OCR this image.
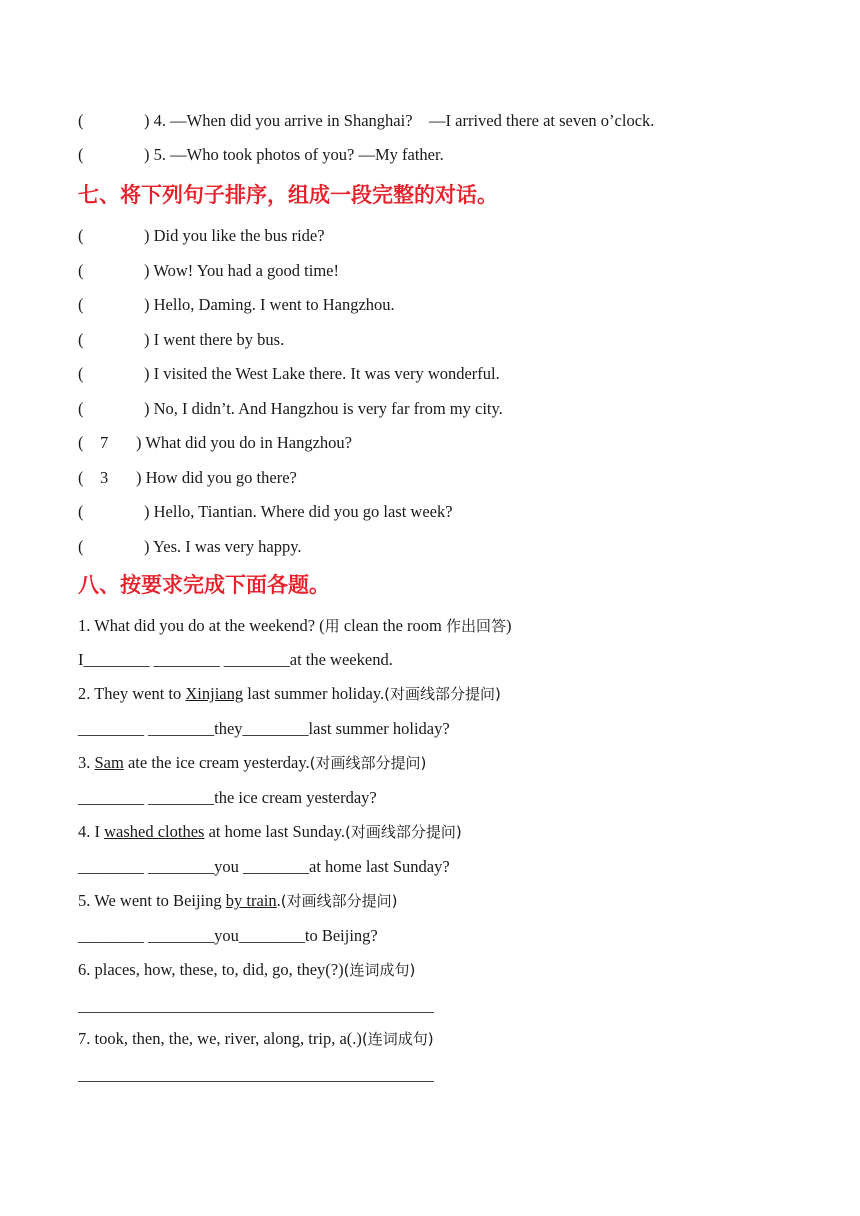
(	) 4. —When did you arrive in Shanghai?    —I arrived there at seven o’clock.
(	) 5. —Who took photos of you? —My father.
七、将下列句子排序，组成一段完整的对话。
(	) Did you like the bus ride?
(	) Wow! You had a good time!
(	) Hello, Daming. I went to Hangzhou.
(	) I went there by bus.
(	) I visited the West Lake there. It was very wonderful.
(	) No, I didn’t. And Hangzhou is very far from my city.
(    7 ) What did you do in Hangzhou?
(    3 ) How did you go there?
(	) Hello, Tiantian. Where did you go last week?
(	) Yes. I was very happy.
八、按要求完成下面各题。
1. What did you do at the weekend? (用 clean the room 作出回答)
I________ ________ ________at the weekend.
2. They went to Xinjiang last summer holiday.(对画线部分提问)
________ ________they________last summer holiday?
3. Sam ate the ice cream yesterday.(对画线部分提问)
________ ________the ice cream yesterday?
4. I washed clothes at home last Sunday.(对画线部分提问)
________ ________you ________at home last Sunday?
5. We went to Beijing by train.(对画线部分提问)
________ ________you________to Beijing?
6. places, how, these, to, did, go, they(?)(连词成句)
7. took, then, the, we, river, along, trip, a(.)(连词成句)
